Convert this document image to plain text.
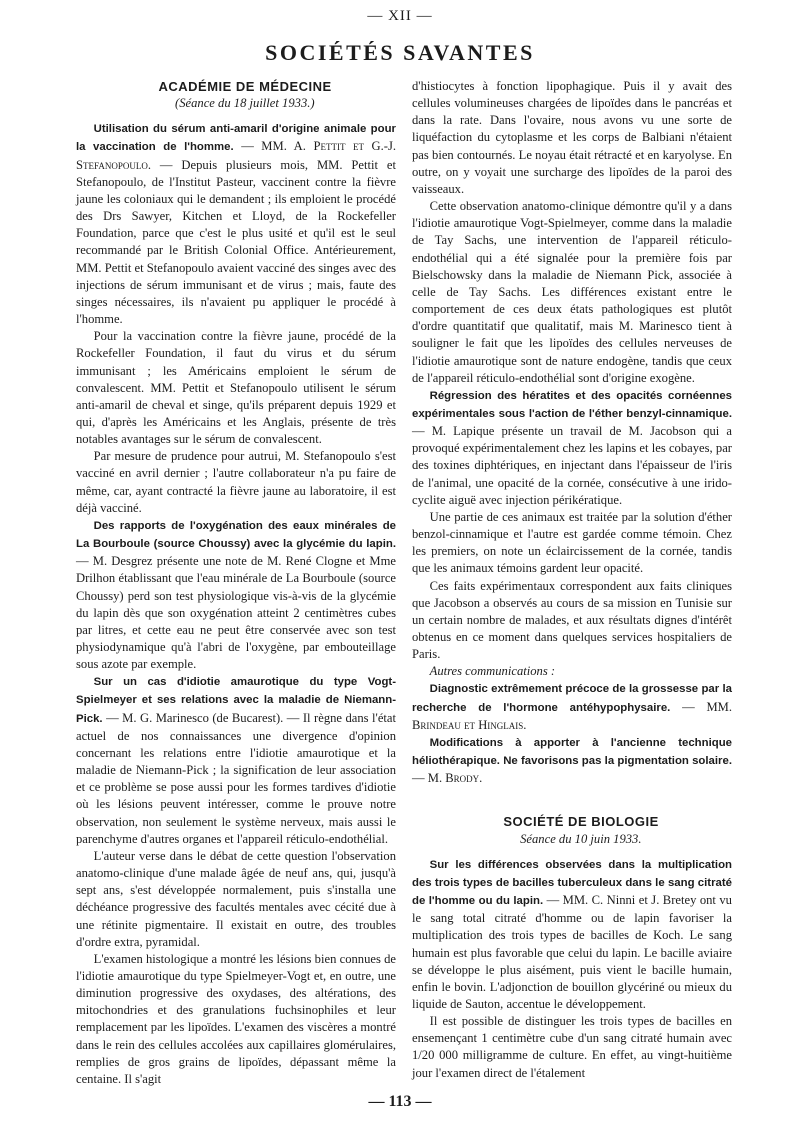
— XII —
SOCIÉTÉS SAVANTES

ACADÉMIE DE MÉDECINE

(Séance du 18 juillet 1933.)

Utilisation du sérum anti-amaril d'origine animale pour la vaccination de l'homme. — MM. A. Pettit et G.-J. Stefanopoulo. — Depuis plusieurs mois, MM. Pettit et Stefanopoulo, de l'Institut Pasteur, vaccinent contre la fièvre jaune les coloniaux qui le demandent ; ils emploient le procédé des Drs Sawyer, Kitchen et Lloyd, de la Rockefeller Foundation, parce que c'est le plus usité et qu'il est le seul recommandé par le British Colonial Office. Antérieurement, MM. Pettit et Stefanopoulo avaient vacciné des singes avec des injections de sérum immunisant et de virus ; mais, faute des singes nécessaires, ils n'avaient pu appliquer le procédé à l'homme.

Pour la vaccination contre la fièvre jaune, procédé de la Rockefeller Foundation, il faut du virus et du sérum immunisant ; les Américains emploient le sérum de convalescent. MM. Pettit et Stefanopoulo utilisent le sérum anti-amaril de cheval et singe, qu'ils préparent depuis 1929 et qui, d'après les Américains et les Anglais, présente de très notables avantages sur le sérum de convalescent.

Par mesure de prudence pour autrui, M. Stefanopoulo s'est vacciné en avril dernier ; l'autre collaborateur n'a pu faire de même, car, ayant contracté la fièvre jaune au laboratoire, il est déjà vacciné.

Des rapports de l'oxygénation des eaux minérales de La Bourboule (source Choussy) avec la glycémie du lapin. — M. Desgrez présente une note de M. René Clogne et Mme Drilhon établissant que l'eau minérale de La Bourboule (source Choussy) perd son test physiologique vis-à-vis de la glycémie du lapin dès que son oxygénation atteint 2 centimètres cubes par litres, et cette eau ne peut être conservée avec son test physiodynamique qu'à l'abri de l'oxygène, par embouteillage sous azote par exemple.

Sur un cas d'idiotie amaurotique du type Vogt-Spielmeyer et ses relations avec la maladie de Niemann-Pick. — M. G. Marinesco (de Bucarest). — Il règne dans l'état actuel de nos connaissances une divergence d'opinion concernant les relations entre l'idiotie amaurotique et la maladie de Niemann-Pick ; la signification de leur association et ce problème se pose aussi pour les formes tardives d'idiotie où les lésions peuvent intéresser, comme le prouve notre observation, non seulement le système nerveux, mais aussi le parenchyme d'autres organes et l'appareil réticulo-endothélial.

L'auteur verse dans le débat de cette question l'observation anatomo-clinique d'une malade âgée de neuf ans, qui, jusqu'à sept ans, s'est développée normalement, puis s'installa une déchéance progressive des facultés mentales avec cécité due à une rétinite pigmentaire. Il existait en outre, des troubles d'ordre extra, pyramidal.

L'examen histologique a montré les lésions bien connues de l'idiotie amaurotique du type Spielmeyer-Vogt et, en outre, une diminution progressive des oxydases, des altérations, des mitochondries et des granulations fuchsinophiles et leur remplacement par les lipoïdes. L'examen des viscères a montré dans le rein des cellules accolées aux capillaires glomérulaires, remplies de gros grains de lipoïdes, dépassant même la centaine. Il s'agit

d'histiocytes à fonction lipophagique. Puis il y avait des cellules volumineuses chargées de lipoïdes dans le pancréas et dans la rate. Dans l'ovaire, nous avons vu une sorte de liquéfaction du cytoplasme et les corps de Balbiani n'étaient pas bien contournés. Le noyau était rétracté et en karyolyse. En outre, on y voyait une surcharge des lipoïdes de la paroi des vaisseaux.

Cette observation anatomo-clinique démontre qu'il y a dans l'idiotie amaurotique Vogt-Spielmeyer, comme dans la maladie de Tay Sachs, une intervention de l'appareil réticulo-endothélial qui a été signalée pour la première fois par Bielschowsky dans la maladie de Niemann Pick, associée à celle de Tay Sachs. Les différences existant entre le comportement de ces deux états pathologiques est plutôt d'ordre quantitatif que qualitatif, mais M. Marinesco tient à souligner le fait que les lipoïdes des cellules nerveuses de l'idiotie amaurotique sont de nature endogène, tandis que ceux de l'appareil réticulo-endothélial sont d'origine exogène.

Régression des hératites et des opacités cornéennes expérimentales sous l'action de l'éther benzyl-cinnamique. — M. Lapique présente un travail de M. Jacobson qui a provoqué expérimentalement chez les lapins et les cobayes, par des toxines diphtériques, en injectant dans l'épaisseur de l'iris de l'animal, une opacité de la cornée, consécutive à une irido-cyclite aiguë avec injection périkératique.

Une partie de ces animaux est traitée par la solution d'éther benzol-cinnamique et l'autre est gardée comme témoin. Chez les premiers, on note un éclaircissement de la cornée, tandis que les animaux témoins gardent leur opacité.

Ces faits expérimentaux correspondent aux faits cliniques que Jacobson a observés au cours de sa mission en Tunisie sur un certain nombre de malades, et aux résultats dignes d'intérêt obtenus en ce moment dans quelques services hospitaliers de Paris.

Autres communications :

Diagnostic extrêmement précoce de la grossesse par la recherche de l'hormone antéhypophysaire. — MM. Brindeau et Hinglais.

Modifications à apporter à l'ancienne technique héliothérapique. Ne favorisons pas la pigmentation solaire. — M. Brody.

SOCIÉTÉ DE BIOLOGIE

Séance du 10 juin 1933.

Sur les différences observées dans la multiplication des trois types de bacilles tuberculeux dans le sang citraté de l'homme ou du lapin. — MM. C. Ninni et J. Bretey ont vu le sang total citraté d'homme ou de lapin favoriser la multiplication des trois types de bacilles de Koch. Le sang humain est plus favorable que celui du lapin. Le bacille aviaire se développe le plus aisément, puis vient le bacille humain, enfin le bovin. L'adjonction de bouillon glycériné ou mieux du liquide de Sauton, accentue le développement.

Il est possible de distinguer les trois types de bacilles en ensemençant 1 centimètre cube d'un sang citraté humain avec 1/20 000 milligramme de culture. En effet, au vingt-huitième jour l'examen direct de l'étalement

— 113 —
